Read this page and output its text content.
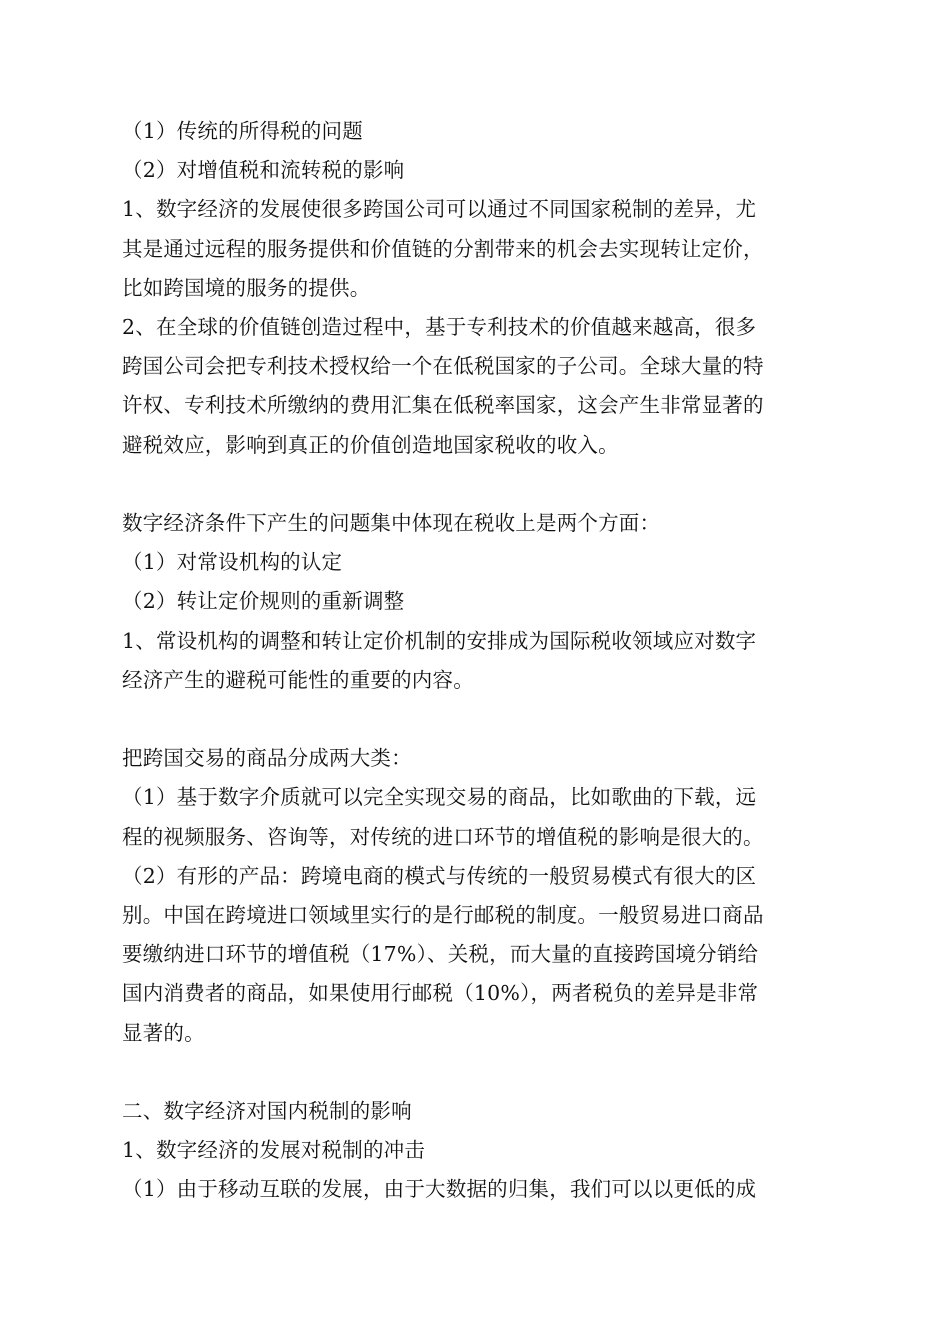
（1）传统的所得税的问题

（2）对增值税和流转税的影响

1、数字经济的发展使很多跨国公司可以通过不同国家税制的差异，尤

其是通过远程的服务提供和价值链的分割带来的机会去实现转让定价，

比如跨国境的服务的提供。

2、在全球的价值链创造过程中，基于专利技术的价值越来越高，很多

跨国公司会把专利技术授权给一个在低税国家的子公司。全球大量的特

许权、专利技术所缴纳的费用汇集在低税率国家，这会产生非常显著的

避税效应，影响到真正的价值创造地国家税收的收入。

数字经济条件下产生的问题集中体现在税收上是两个方面：

（1）对常设机构的认定

（2）转让定价规则的重新调整

1、常设机构的调整和转让定价机制的安排成为国际税收领域应对数字

经济产生的避税可能性的重要的内容。

把跨国交易的商品分成两大类：

（1）基于数字介质就可以完全实现交易的商品，比如歌曲的下载，远

程的视频服务、咨询等，对传统的进口环节的增值税的影响是很大的。

（2）有形的产品：跨境电商的模式与传统的一般贸易模式有很大的区

别。中国在跨境进口领域里实行的是行邮税的制度。一般贸易进口商品

要缴纳进口环节的增值税（17%）、关税，而大量的直接跨国境分销给

国内消费者的商品，如果使用行邮税（10%），两者税负的差异是非常

显著的。

二、数字经济对国内税制的影响

1、数字经济的发展对税制的冲击

（1）由于移动互联的发展，由于大数据的归集，我们可以以更低的成
